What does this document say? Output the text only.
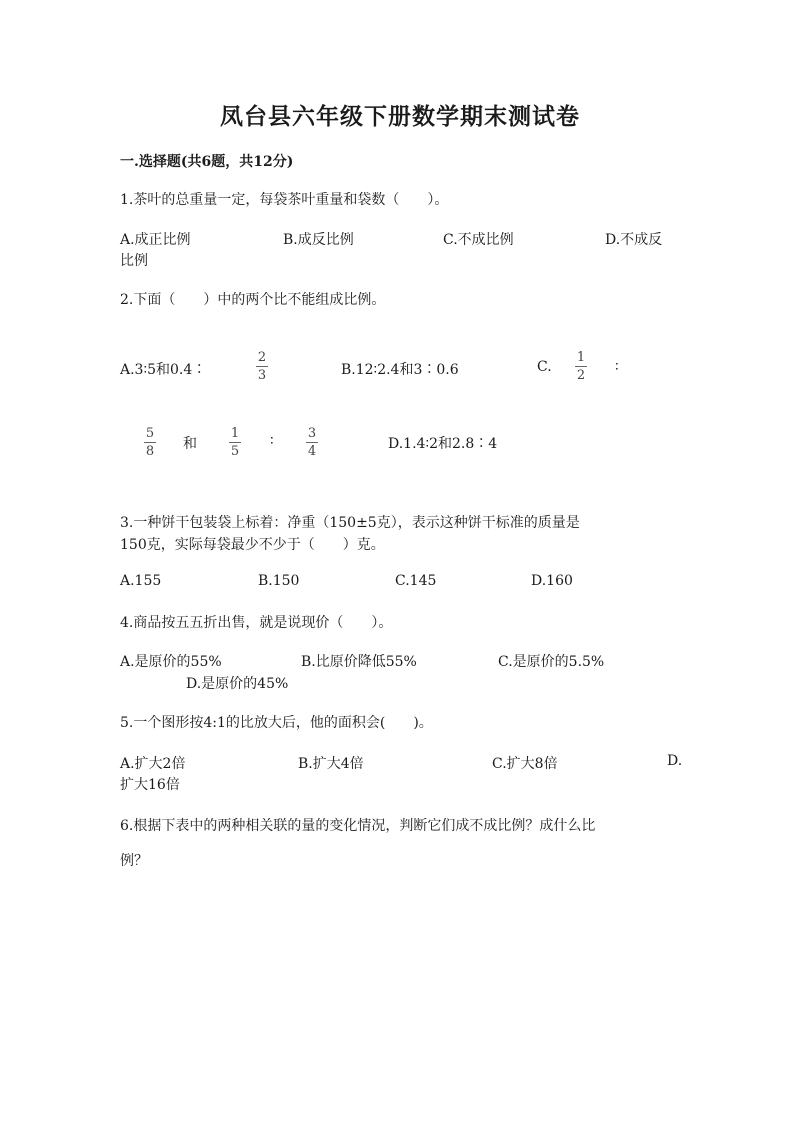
凤台县六年级下册数学期末测试卷
一.选择题(共6题，共12分)
1.茶叶的总重量一定，每袋茶叶重量和袋数（　　）。
A.成正比例	B.成反比例	C.不成比例	D.不成反
比例
2.下面（　　）中的两个比不能组成比例。
A.3∶5和0.4∶
2
3	B.12∶2.4和3∶0.6	C.
1
2
∶
5
8 和
1
5
∶	3
4	D.1.4∶2和2.8∶4
3.一种饼干包装袋上标着：净重（150±5克），表示这种饼干标准的质量是
150克，实际每袋最少不少于（　　）克。
A.155	B.150	C.145	D.160
4.商品按五五折出售，就是说现价（　　）。
A.是原价的55%	B.比原价降低55%	C.是原价的5.5%
D.是原价的45%
5.一个图形按4:1的比放大后，他的面积会(　　)。
A.扩大2倍	B.扩大4倍	C.扩大8倍	D.
扩大16倍
6.根据下表中的两种相关联的量的变化情况，判断它们成不成比例？成什么比
例？
